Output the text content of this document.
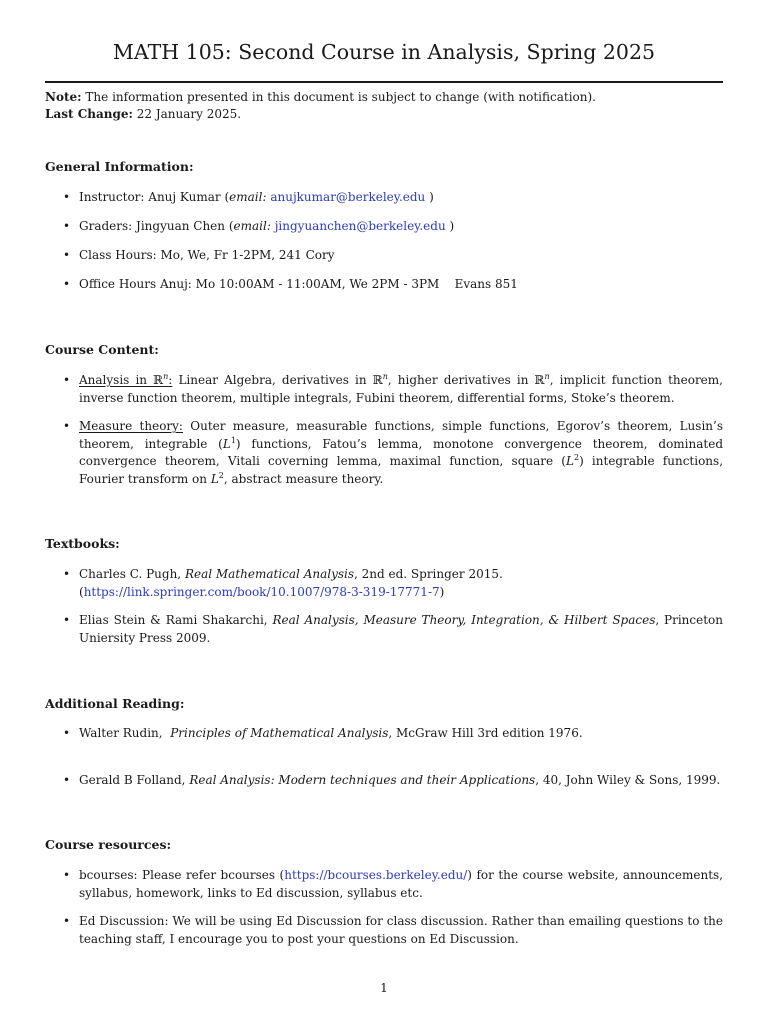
MATH 105: Second Course in Analysis, Spring 2025
Note: The information presented in this document is subject to change (with notification).
Last Change: 22 January 2025.
General Information:
• Instructor: Anuj Kumar (email: anujkumar@berkeley.edu )
• Graders: Jingyuan Chen (email: jingyuanchen@berkeley.edu )
• Class Hours: Mo, We, Fr 1-2PM, 241 Cory
• Office Hours Anuj: Mo 10:00AM - 11:00AM, We 2PM - 3PM    Evans 851
Course Content:
• Analysis in ℝ$^n$: Linear Algebra, derivatives in ℝ$^n$, higher derivatives in ℝ$^n$, implicit function theorem, inverse function theorem, multiple integrals, Fubini theorem, differential forms, Stoke’s theorem.
• Measure theory: Outer measure, measurable functions, simple functions, Egorov’s theorem, Lusin’s theorem, integrable $(L^1)$ functions, Fatou’s lemma, monotone convergence theorem, dominated convergence theorem, Vitali coverning lemma, maximal function, square $(L^2)$ integrable functions, Fourier transform on $L^2$, abstract measure theory.
Textbooks:
• Charles C. Pugh, Real Mathematical Analysis, 2nd ed. Springer 2015.
(https://link.springer.com/book/10.1007/978-3-319-17771-7)
• Elias Stein & Rami Shakarchi, Real Analysis, Measure Theory, Integration, & Hilbert Spaces, Princeton Uniersity Press 2009.
Additional Reading:
• Walter Rudin,  Principles of Mathematical Analysis, McGraw Hill 3rd edition 1976.
• Gerald B Folland, Real Analysis: Modern techniques and their Applications, 40, John Wiley & Sons, 1999.
Course resources:
• bcourses: Please refer bcourses (https://bcourses.berkeley.edu/) for the course website, announcements, syllabus, homework, links to Ed discussion, syllabus etc.
• Ed Discussion: We will be using Ed Discussion for class discussion. Rather than emailing questions to the teaching staff, I encourage you to post your questions on Ed Discussion.
1
